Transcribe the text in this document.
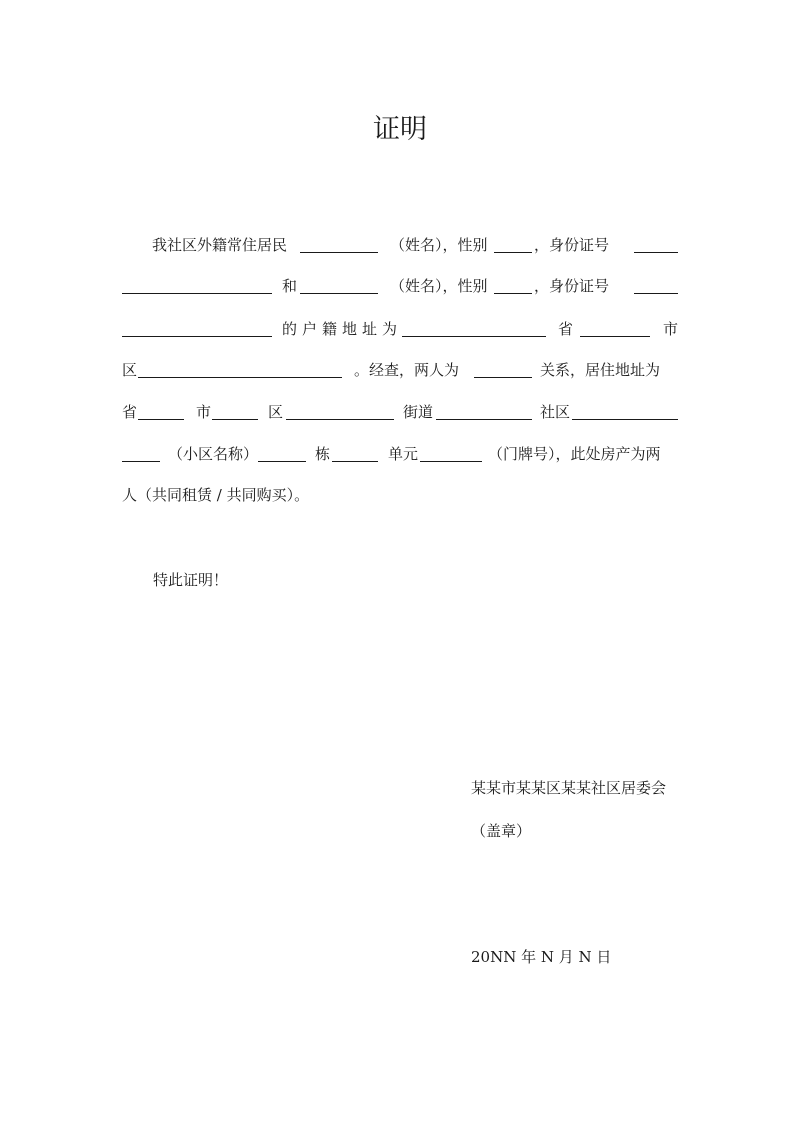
证明
我社区外籍常住居民	（姓名），性别	，身份证号
和	（姓名），性别	，身份证号
的 户 籍 地 址 为	省	市
区	。经查，两人为	关系，居住地址为
省	市	区	街道	社区
（小区名称）	栋	单元	（门牌号），此处房产为两
人（共同租赁 / 共同购买）。
特此证明！
某某市某某区某某社区居委会
（盖章）
20NN 年 N 月 N 日
